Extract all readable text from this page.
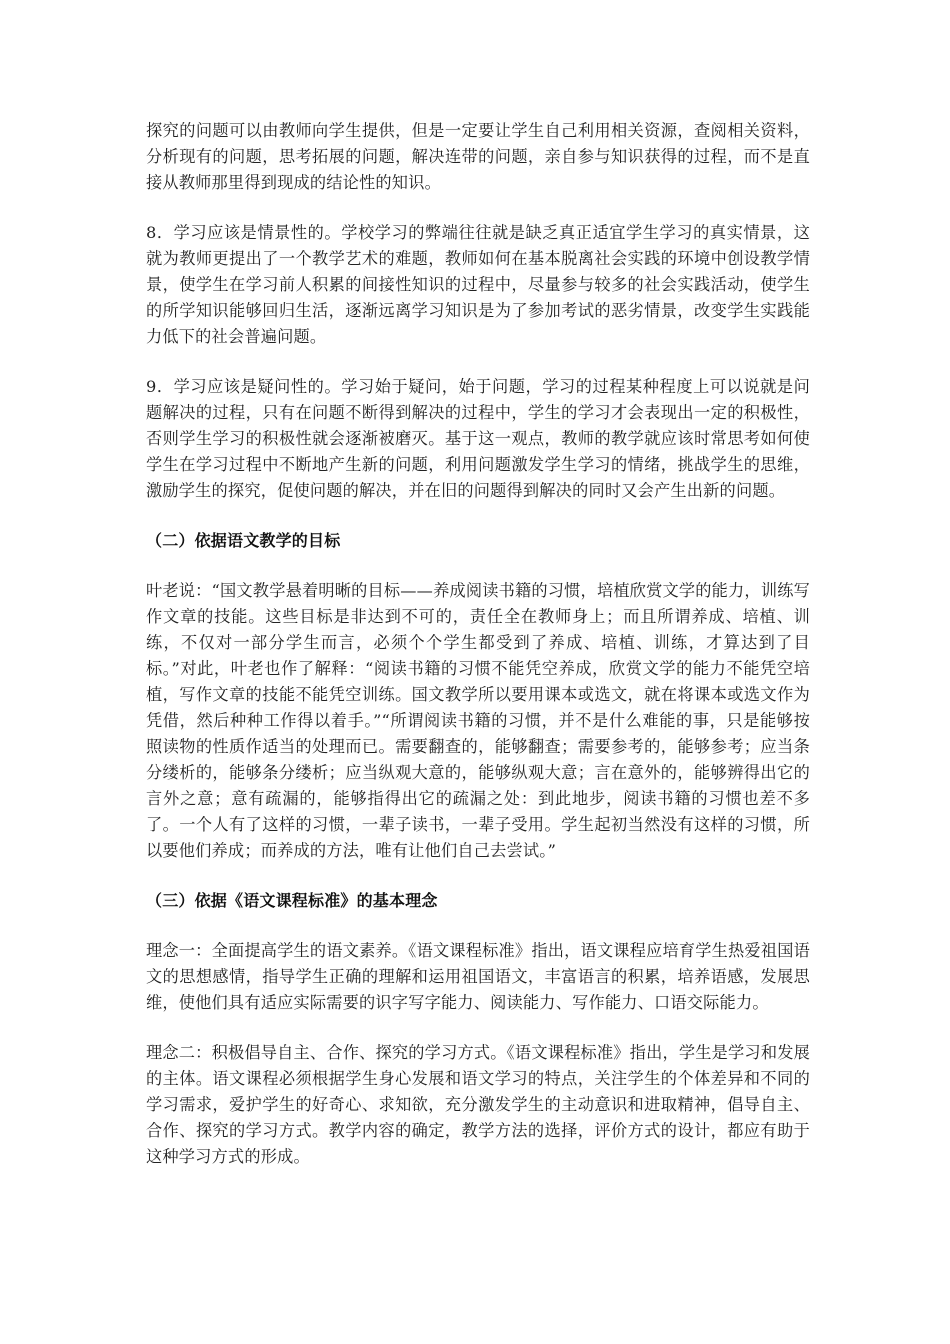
探究的问题可以由教师向学生提供，但是一定要让学生自己利用相关资源，查阅相关资料，分析现有的问题，思考拓展的问题，解决连带的问题，亲自参与知识获得的过程，而不是直接从教师那里得到现成的结论性的知识。

8．学习应该是情景性的。学校学习的弊端往往就是缺乏真正适宜学生学习的真实情景，这就为教师更提出了一个教学艺术的难题，教师如何在基本脱离社会实践的环境中创设教学情景，使学生在学习前人积累的间接性知识的过程中，尽量参与较多的社会实践活动，使学生的所学知识能够回归生活，逐渐远离学习知识是为了参加考试的恶劣情景，改变学生实践能力低下的社会普遍问题。

9．学习应该是疑问性的。学习始于疑问，始于问题，学习的过程某种程度上可以说就是问题解决的过程，只有在问题不断得到解决的过程中，学生的学习才会表现出一定的积极性，否则学生学习的积极性就会逐渐被磨灭。基于这一观点，教师的教学就应该时常思考如何使学生在学习过程中不断地产生新的问题，利用问题激发学生学习的情绪，挑战学生的思维，激励学生的探究，促使问题的解决，并在旧的问题得到解决的同时又会产生出新的问题。

（二）依据语文教学的目标

叶老说：“国文教学悬着明晰的目标——养成阅读书籍的习惯，培植欣赏文学的能力，训练写作文章的技能。这些目标是非达到不可的，责任全在教师身上；而且所谓养成、培植、训练，不仅对一部分学生而言，必须个个学生都受到了养成、培植、训练，才算达到了目标。”对此，叶老也作了解释：“阅读书籍的习惯不能凭空养成，欣赏文学的能力不能凭空培植，写作文章的技能不能凭空训练。国文教学所以要用课本或选文，就在将课本或选文作为凭借，然后种种工作得以着手。”“所谓阅读书籍的习惯，并不是什么难能的事，只是能够按照读物的性质作适当的处理而已。需要翻查的，能够翻查；需要参考的，能够参考；应当条分缕析的，能够条分缕析；应当纵观大意的，能够纵观大意；言在意外的，能够辨得出它的言外之意；意有疏漏的，能够指得出它的疏漏之处：到此地步，阅读书籍的习惯也差不多了。一个人有了这样的习惯，一辈子读书，一辈子受用。学生起初当然没有这样的习惯，所以要他们养成；而养成的方法，唯有让他们自己去尝试。”

（三）依据《语文课程标准》的基本理念

理念一：全面提高学生的语文素养。《语文课程标准》指出，语文课程应培育学生热爱祖国语文的思想感情，指导学生正确的理解和运用祖国语文，丰富语言的积累，培养语感，发展思维，使他们具有适应实际需要的识字写字能力、阅读能力、写作能力、口语交际能力。

理念二：积极倡导自主、合作、探究的学习方式。《语文课程标准》指出，学生是学习和发展的主体。语文课程必须根据学生身心发展和语文学习的特点，关注学生的个体差异和不同的学习需求，爱护学生的好奇心、求知欲，充分激发学生的主动意识和进取精神，倡导自主、合作、探究的学习方式。教学内容的确定，教学方法的选择，评价方式的设计，都应有助于这种学习方式的形成。
